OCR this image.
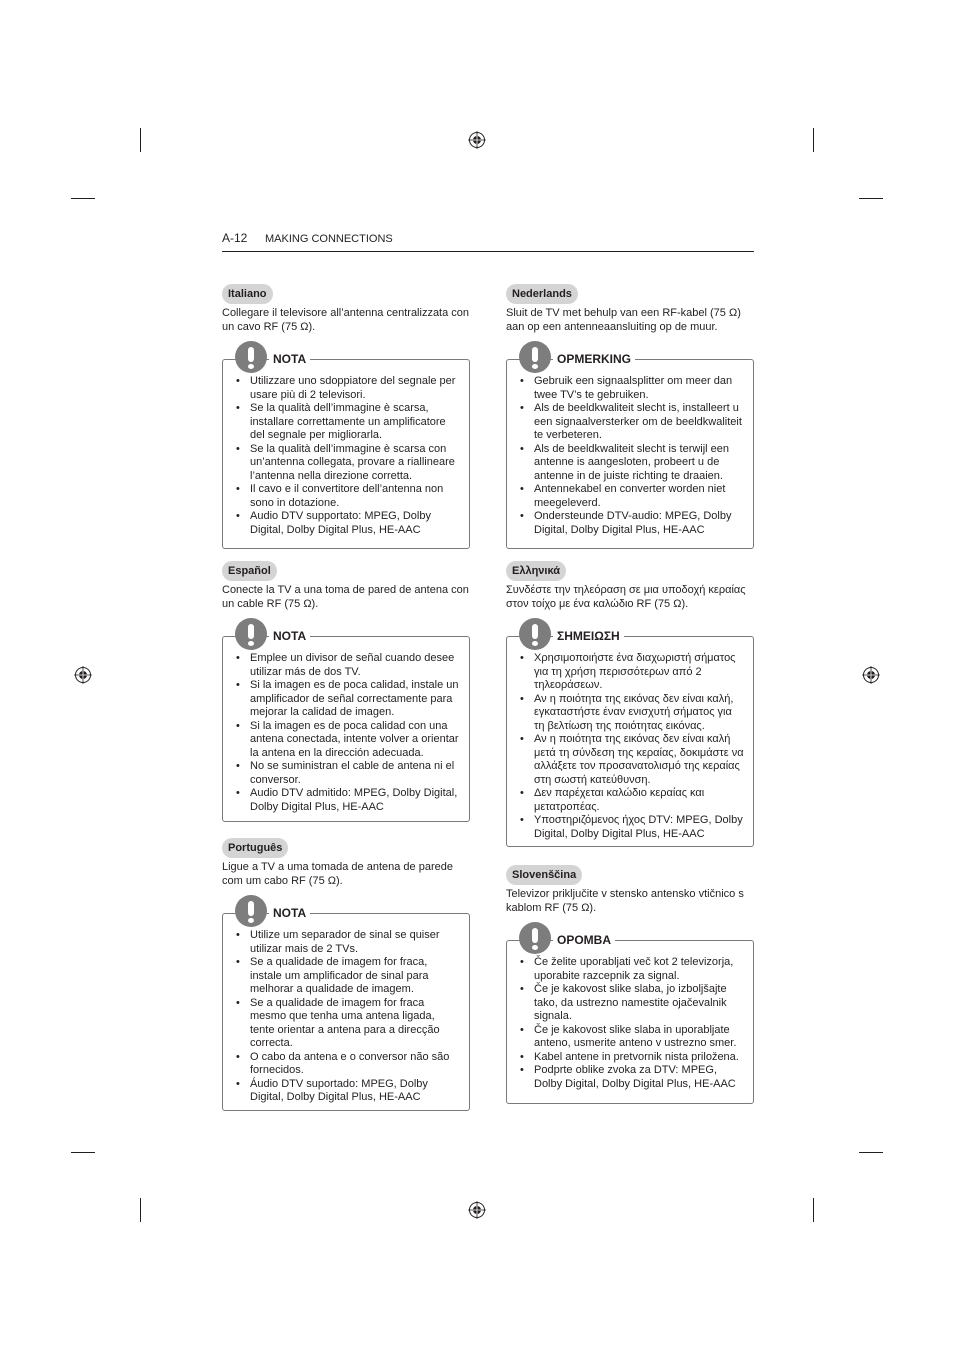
A-12 MAKING CONNECTIONS
Italiano
Collegare il televisore all’antenna centralizzata con un cavo RF (75 Ω).
NOTA
• Utilizzare uno sdoppiatore del segnale per usare più di 2 televisori.
• Se la qualità dell’immagine è scarsa, installare correttamente un amplificatore del segnale per migliorarla.
• Se la qualità dell’immagine è scarsa con un’antenna collegata, provare a riallineare l’antenna nella direzione corretta.
• Il cavo e il convertitore dell’antenna non sono in dotazione.
• Audio DTV supportato: MPEG, Dolby Digital, Dolby Digital Plus, HE-AAC
Español
Conecte la TV a una toma de pared de antena con un cable RF (75 Ω).
NOTA
• Emplee un divisor de señal cuando desee utilizar más de dos TV.
• Si la imagen es de poca calidad, instale un amplificador de señal correctamente para mejorar la calidad de imagen.
• Si la imagen es de poca calidad con una antena conectada, intente volver a orientar la antena en la dirección adecuada.
• No se suministran el cable de antena ni el conversor.
• Audio DTV admitido: MPEG, Dolby Digital, Dolby Digital Plus, HE-AAC
Português
Ligue a TV a uma tomada de antena de parede com um cabo RF (75 Ω).
NOTA
• Utilize um separador de sinal se quiser utilizar mais de 2 TVs.
• Se a qualidade de imagem for fraca, instale um amplificador de sinal para melhorar a qualidade de imagem.
• Se a qualidade de imagem for fraca mesmo que tenha uma antena ligada, tente orientar a antena para a direcção correcta.
• O cabo da antena e o conversor não são fornecidos.
• Áudio DTV suportado: MPEG, Dolby Digital, Dolby Digital Plus, HE-AAC
Nederlands
Sluit de TV met behulp van een RF-kabel (75 Ω) aan op een antenneaansluiting op de muur.
OPMERKING
• Gebruik een signaalsplitter om meer dan twee TV’s te gebruiken.
• Als de beeldkwaliteit slecht is, installeert u een signaalversterker om de beeldkwaliteit te verbeteren.
• Als de beeldkwaliteit slecht is terwijl een antenne is aangesloten, probeert u de antenne in de juiste richting te draaien.
• Antennekabel en converter worden niet meegeleverd.
• Ondersteunde DTV-audio: MPEG, Dolby Digital, Dolby Digital Plus, HE-AAC
Ελληνικά
Συνδέστε την τηλεόραση σε μια υποδοχή κεραίας στον τοίχο με ένα καλώδιο RF (75 Ω).
ΣΗΜΕΙΩΣΗ
• Χρησιμοποιήστε ένα διαχωριστή σήματος για τη χρήση περισσότερων από 2 τηλεοράσεων.
• Αν η ποιότητα της εικόνας δεν είναι καλή, εγκαταστήστε έναν ενισχυτή σήματος για τη βελτίωση της ποιότητας εικόνας.
• Αν η ποιότητα της εικόνας δεν είναι καλή μετά τη σύνδεση της κεραίας, δοκιμάστε να αλλάξετε τον προσανατολισμό της κεραίας στη σωστή κατεύθυνση.
• Δεν παρέχεται καλώδιο κεραίας και μετατροπέας.
• Υποστηριζόμενος ήχος DTV: MPEG, Dolby Digital, Dolby Digital Plus, HE-AAC
Slovenščina
Televizor priključite v stensko antensko vtičnico s kablom RF (75 Ω).
OPOMBA
• Če želite uporabljati več kot 2 televizorja, uporabite razcepnik za signal.
• Če je kakovost slike slaba, jo izboljšajte tako, da ustrezno namestite ojačevalnik signala.
• Če je kakovost slike slaba in uporabljate anteno, usmerite anteno v ustrezno smer.
• Kabel antene in pretvornik nista priložena.
• Podprte oblike zvoka za DTV: MPEG, Dolby Digital, Dolby Digital Plus, HE-AAC
